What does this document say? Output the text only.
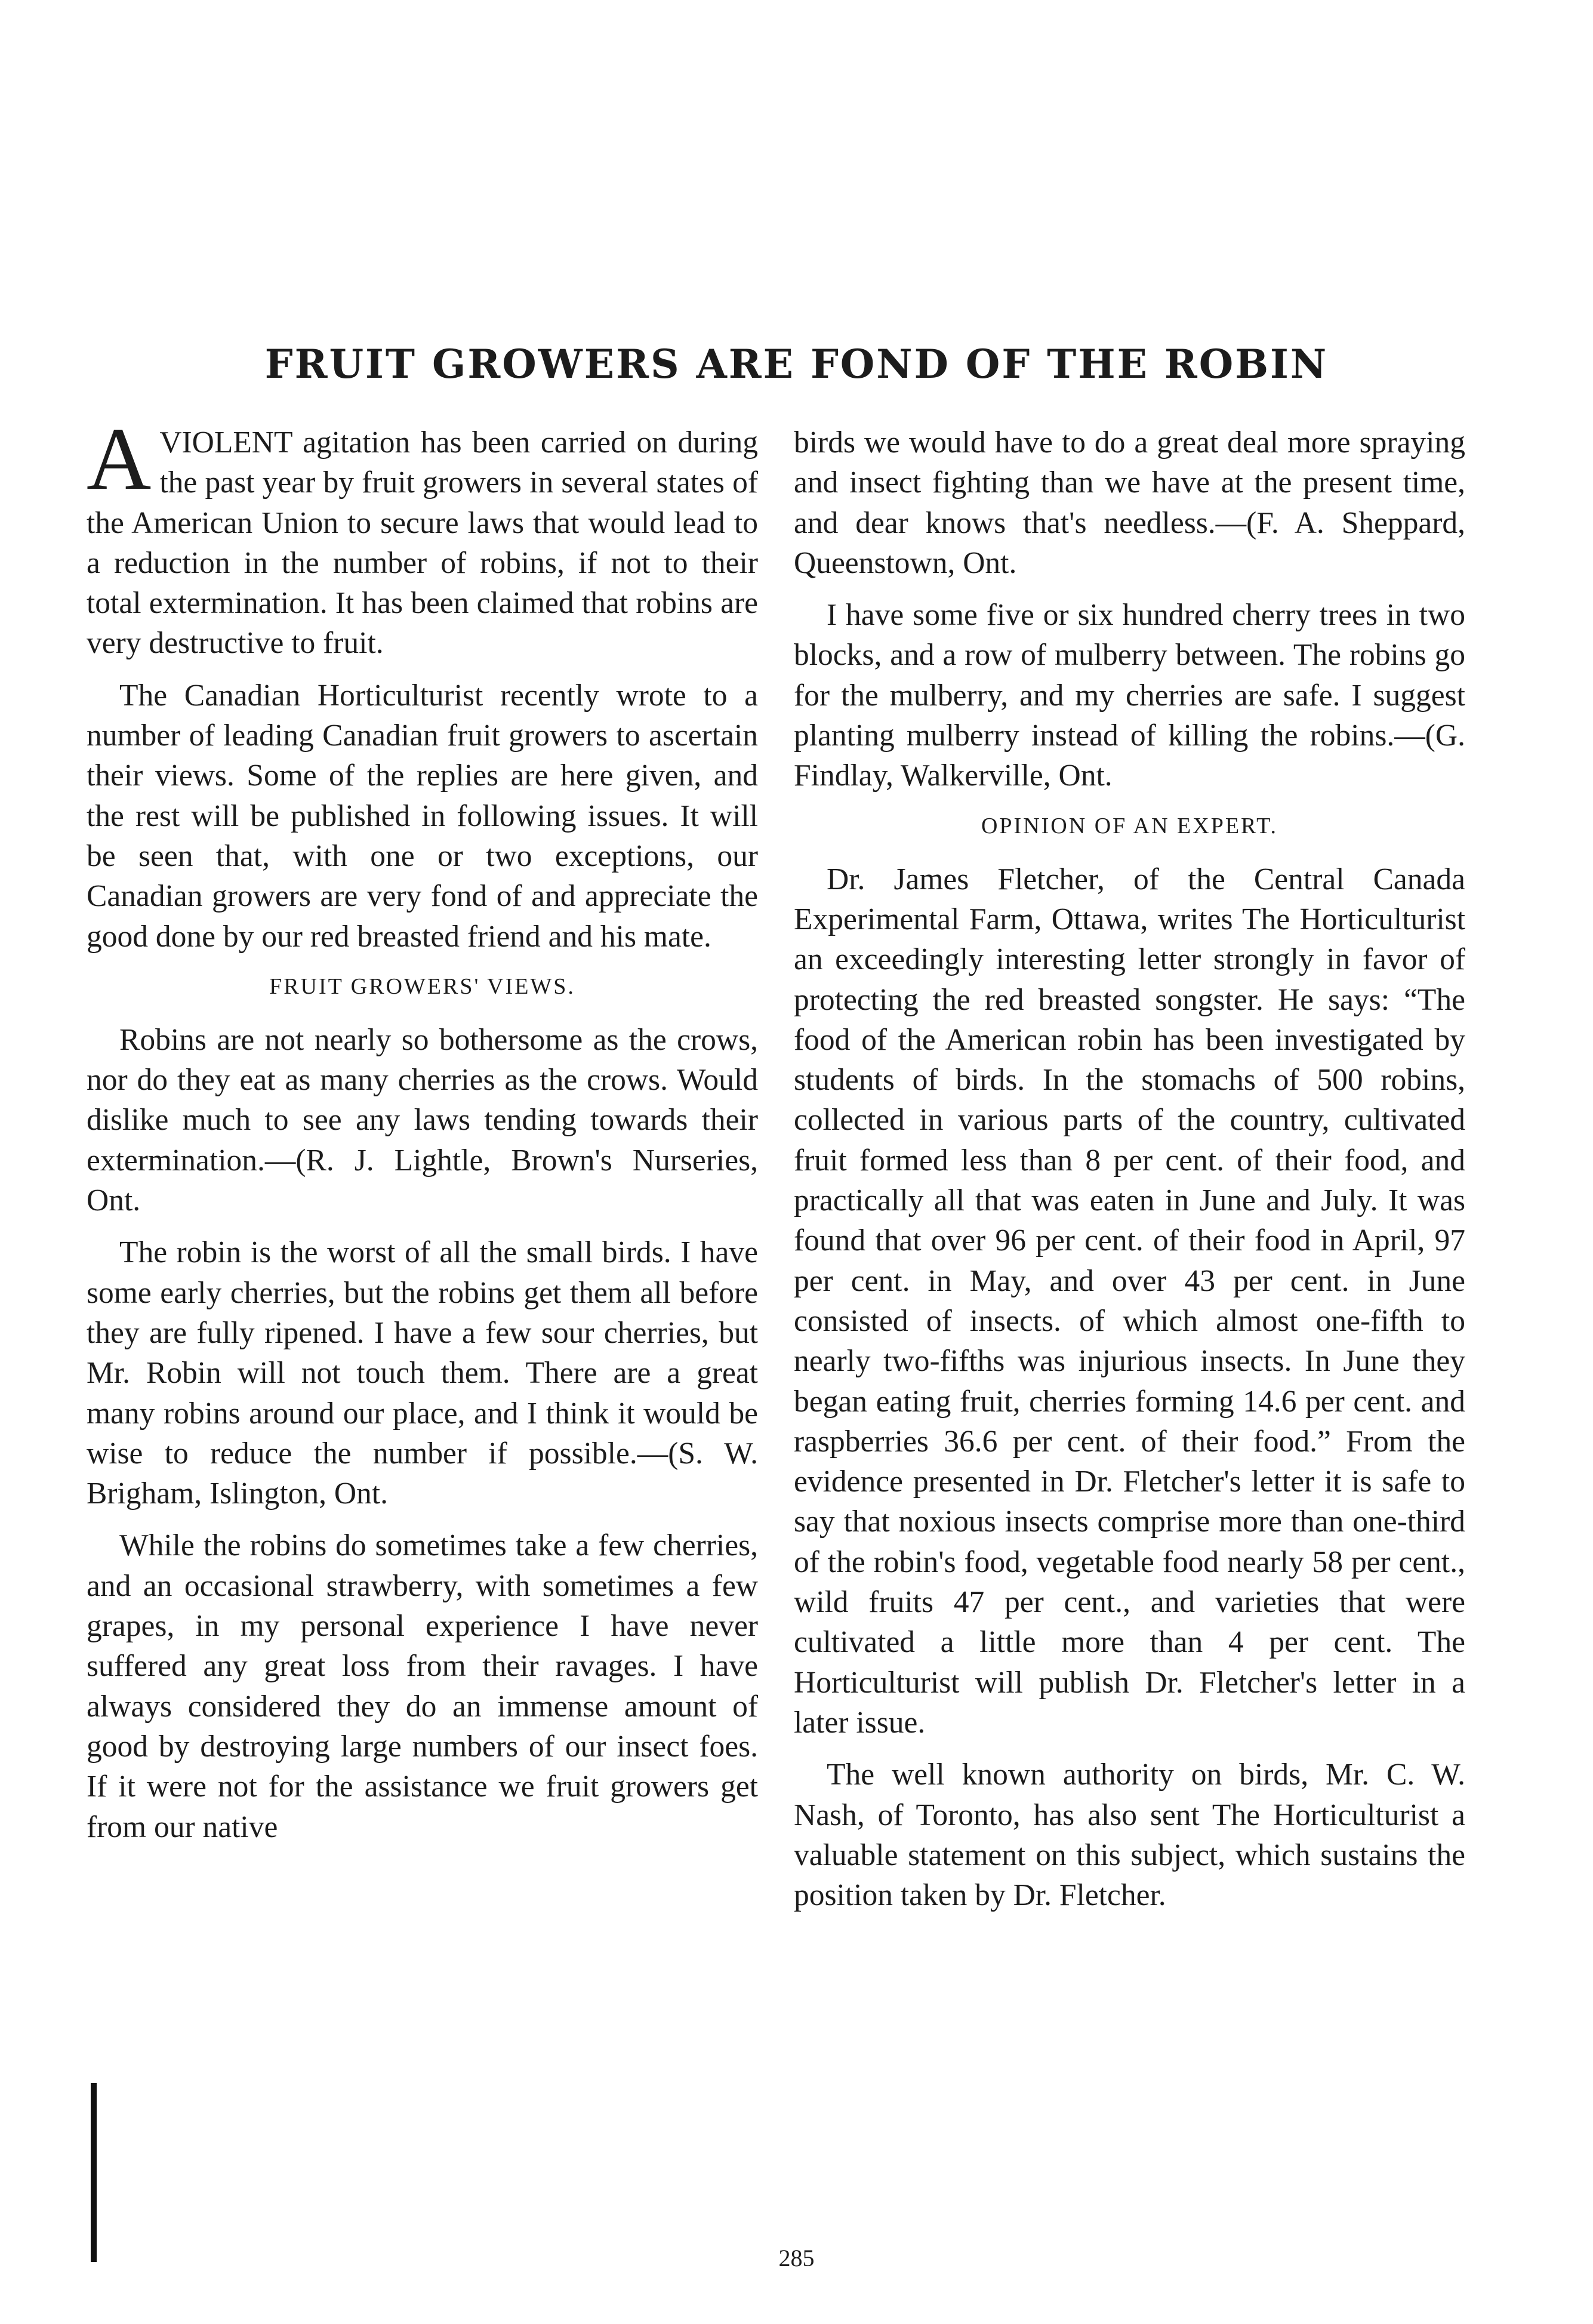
FRUIT GROWERS ARE FOND OF THE ROBIN

AVIOLENT agitation has been carried on during the past year by fruit growers in several states of the American Union to secure laws that would lead to a reduction in the number of robins, if not to their total extermination. It has been claimed that robins are very destructive to fruit.

The Canadian Horticulturist recently wrote to a number of leading Canadian fruit growers to ascertain their views. Some of the replies are here given, and the rest will be published in following issues. It will be seen that, with one or two exceptions, our Canadian growers are very fond of and appreciate the good done by our red breasted friend and his mate.

FRUIT GROWERS' VIEWS.

Robins are not nearly so bothersome as the crows, nor do they eat as many cherries as the crows. Would dislike much to see any laws tending towards their extermination.—(R. J. Lightle, Brown's Nurseries, Ont.

The robin is the worst of all the small birds. I have some early cherries, but the robins get them all before they are fully ripened. I have a few sour cherries, but Mr. Robin will not touch them. There are a great many robins around our place, and I think it would be wise to reduce the number if possible.—(S. W. Brigham, Islington, Ont.

While the robins do sometimes take a few cherries, and an occasional strawberry, with sometimes a few grapes, in my personal experience I have never suffered any great loss from their ravages. I have always considered they do an immense amount of good by destroying large numbers of our insect foes. If it were not for the assistance we fruit growers get from our native

birds we would have to do a great deal more spraying and insect fighting than we have at the present time, and dear knows that's needless.—(F. A. Sheppard, Queenstown, Ont.

I have some five or six hundred cherry trees in two blocks, and a row of mulberry between. The robins go for the mulberry, and my cherries are safe. I suggest planting mulberry instead of killing the robins.—(G. Findlay, Walkerville, Ont.

OPINION OF AN EXPERT.

Dr. James Fletcher, of the Central Canada Experimental Farm, Ottawa, writes The Horticulturist an exceedingly interesting letter strongly in favor of protecting the red breasted songster. He says: “The food of the American robin has been investigated by students of birds. In the stomachs of 500 robins, collected in various parts of the country, cultivated fruit formed less than 8 per cent. of their food, and practically all that was eaten in June and July. It was found that over 96 per cent. of their food in April, 97 per cent. in May, and over 43 per cent. in June consisted of insects. of which almost one-fifth to nearly two-fifths was injurious insects. In June they began eating fruit, cherries forming 14.6 per cent. and raspberries 36.6 per cent. of their food.” From the evidence presented in Dr. Fletcher's letter it is safe to say that noxious insects comprise more than one-third of the robin's food, vegetable food nearly 58 per cent., wild fruits 47 per cent., and varieties that were cultivated a little more than 4 per cent. The Horticulturist will publish Dr. Fletcher's letter in a later issue.

The well known authority on birds, Mr. C. W. Nash, of Toronto, has also sent The Horticulturist a valuable statement on this subject, which sustains the position taken by Dr. Fletcher.

285
